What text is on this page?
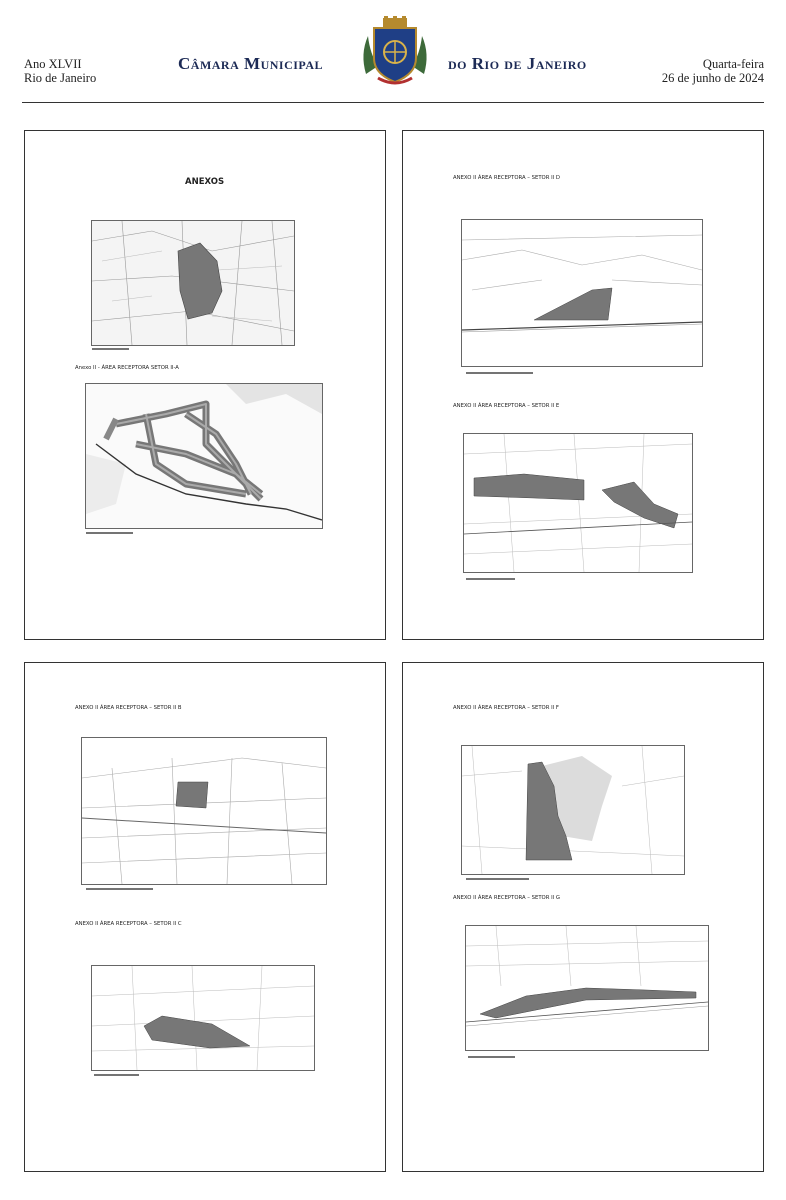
Ano XLVII
Rio de Janeiro
Câmara Municipal	do Rio de Janeiro	Quarta-feira
26 de junho de 2024
ANEXOS
Anexo II - ÁREA RECEPTORA SETOR II-A
ANEXO II ÁREA RECEPTORA – SETOR II D
ANEXO II ÁREA RECEPTORA – SETOR II E
ANEXO II ÁREA RECEPTORA – SETOR II B
ANEXO II ÁREA RECEPTORA – SETOR II C
ANEXO II ÁREA RECEPTORA – SETOR II F
ANEXO II ÁREA RECEPTORA – SETOR II G
